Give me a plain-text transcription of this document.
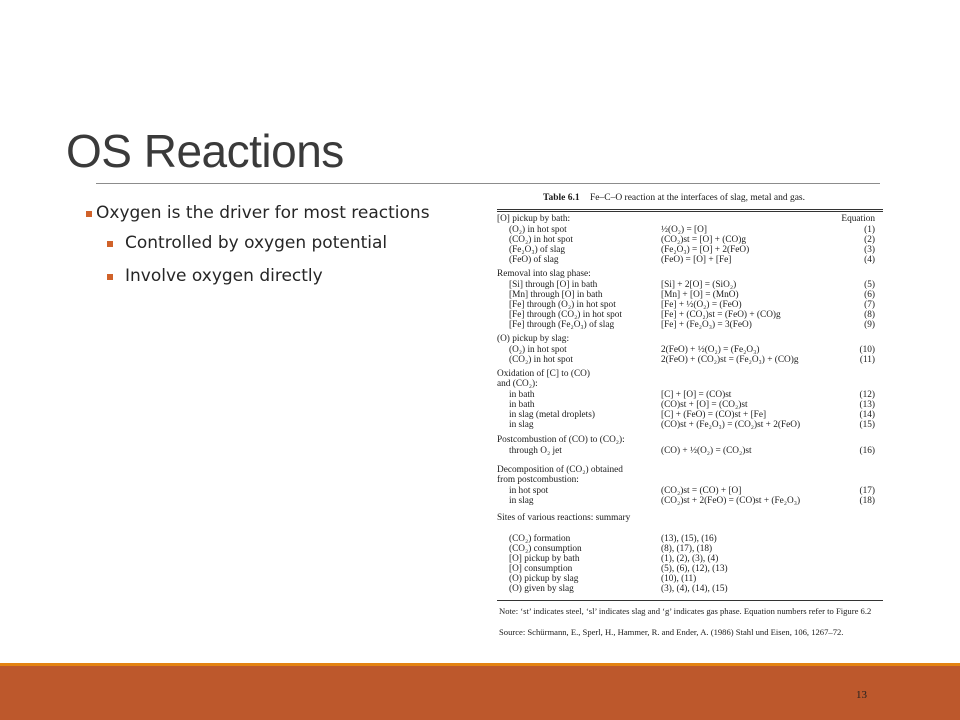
OS Reactions
Oxygen is the driver for most reactions
Controlled by oxygen potential
Involve oxygen directly
Table 6.1 Fe–C–O reaction at the interfaces of slag, metal and gas.
Equation
[O] pickup by bath:
(O₂) in hot spot	½(O₂) = [O]	(1)
(CO₂) in hot spot	(CO₂)st = [O] + (CO)g	(2)
(Fe₂O₃) of slag	(Fe₂O₃) = [O] + 2(FeO)	(3)
(FeO) of slag	(FeO) = [O] + [Fe]	(4)
Removal into slag phase:
[Si] through [O] in bath	[Si] + 2[O] = (SiO₂)	(5)
[Mn] through [O] in bath	[Mn] + [O] = (MnO)	(6)
[Fe] through (O₂) in hot spot	[Fe] + ½(O₂) = (FeO)	(7)
[Fe] through (CO₂) in hot spot	[Fe] + (CO₂)st = (FeO) + (CO)g	(8)
[Fe] through (Fe₂O₃) of slag	[Fe] + (Fe₂O₃) = 3(FeO)	(9)
(O) pickup by slag:
(O₂) in hot spot	2(FeO) + ½(O₂) = (Fe₂O₃)	(10)
(CO₂) in hot spot	2(FeO) + (CO₂)st = (Fe₂O₃) + (CO)g	(11)
Oxidation of [C] to (CO)
and (CO₂):
in bath	[C] + [O] = (CO)st	(12)
in bath	(CO)st + [O] = (CO₂)st	(13)
in slag (metal droplets)	[C] + (FeO) = (CO)st + [Fe]	(14)
in slag	(CO)st + (Fe₂O₃) = (CO₂)st + 2(FeO)	(15)
Postcombustion of (CO) to (CO₂):
through O₂ jet	(CO) + ½(O₂) = (CO₂)st	(16)
Decomposition of (CO₂) obtained
from postcombustion:
in hot spot	(CO₂)st = (CO) + [O]	(17)
in slag	(CO₂)st + 2(FeO) = (CO)st + (Fe₂O₃)	(18)
Sites of various reactions: summary
(CO₂) formation	(13), (15), (16)
(CO₂) consumption	(8), (17), (18)
[O] pickup by bath	(1), (2), (3), (4)
[O] consumption	(5), (6), (12), (13)
(O) pickup by slag	(10), (11)
(O) given by slag	(3), (4), (14), (15)
Note: ‘st’ indicates steel, ‘sl’ indicates slag and ‘g’ indicates gas phase. Equation numbers refer to Figure 6.2
Source: Schürmann, E., Sperl, H., Hammer, R. and Ender, A. (1986) Stahl und Eisen, 106, 1267–72.
13
